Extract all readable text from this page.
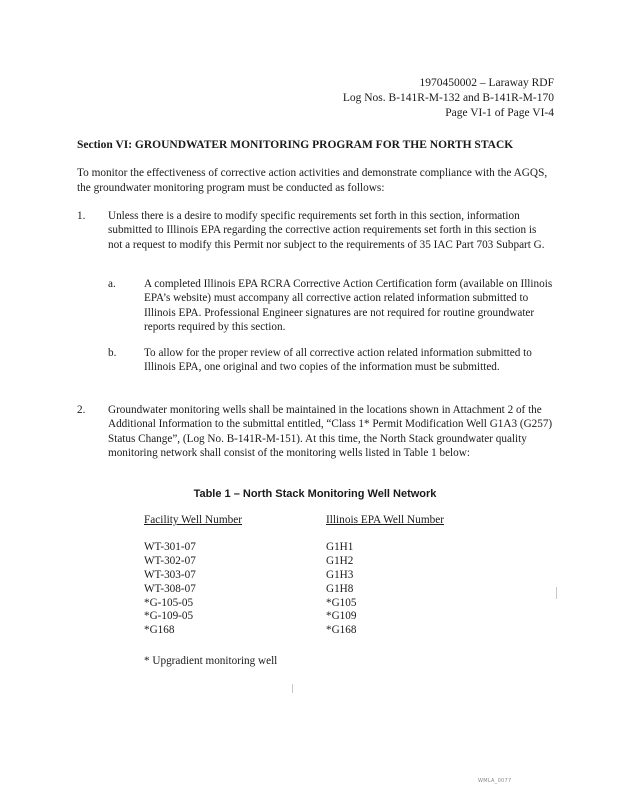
1970450002 – Laraway RDF
Log Nos. B-141R-M-132 and B-141R-M-170
Page VI-1 of Page VI-4
Section VI: GROUNDWATER MONITORING PROGRAM FOR THE NORTH STACK
To monitor the effectiveness of corrective action activities and demonstrate compliance with the AGQS, the groundwater monitoring program must be conducted as follows:
1. Unless there is a desire to modify specific requirements set forth in this section, information submitted to Illinois EPA regarding the corrective action requirements set forth in this section is not a request to modify this Permit nor subject to the requirements of 35 IAC Part 703 Subpart G.
a.	A completed Illinois EPA RCRA Corrective Action Certification form (available on Illinois EPA’s website) must accompany all corrective action related information submitted to Illinois EPA. Professional Engineer signatures are not required for routine groundwater reports required by this section.
b. To allow for the proper review of all corrective action related information submitted to Illinois EPA, one original and two copies of the information must be submitted.
2. Groundwater monitoring wells shall be maintained in the locations shown in Attachment 2 of the Additional Information to the submittal entitled, “Class 1* Permit Modification Well G1A3 (G257) Status Change”, (Log No. B-141R-M-151). At this time, the North Stack groundwater quality monitoring network shall consist of the monitoring wells listed in Table 1 below:
Table 1 – North Stack Monitoring Well Network
Facility Well Number	Illinois EPA Well Number
WT-301-07	G1H1
WT-302-07	G1H2
WT-303-07	G1H3
WT-308-07	G1H8
*G-105-05	*G105
*G-109-05	*G109
*G168	*G168
* Upgradient monitoring well
WMLA_0077
